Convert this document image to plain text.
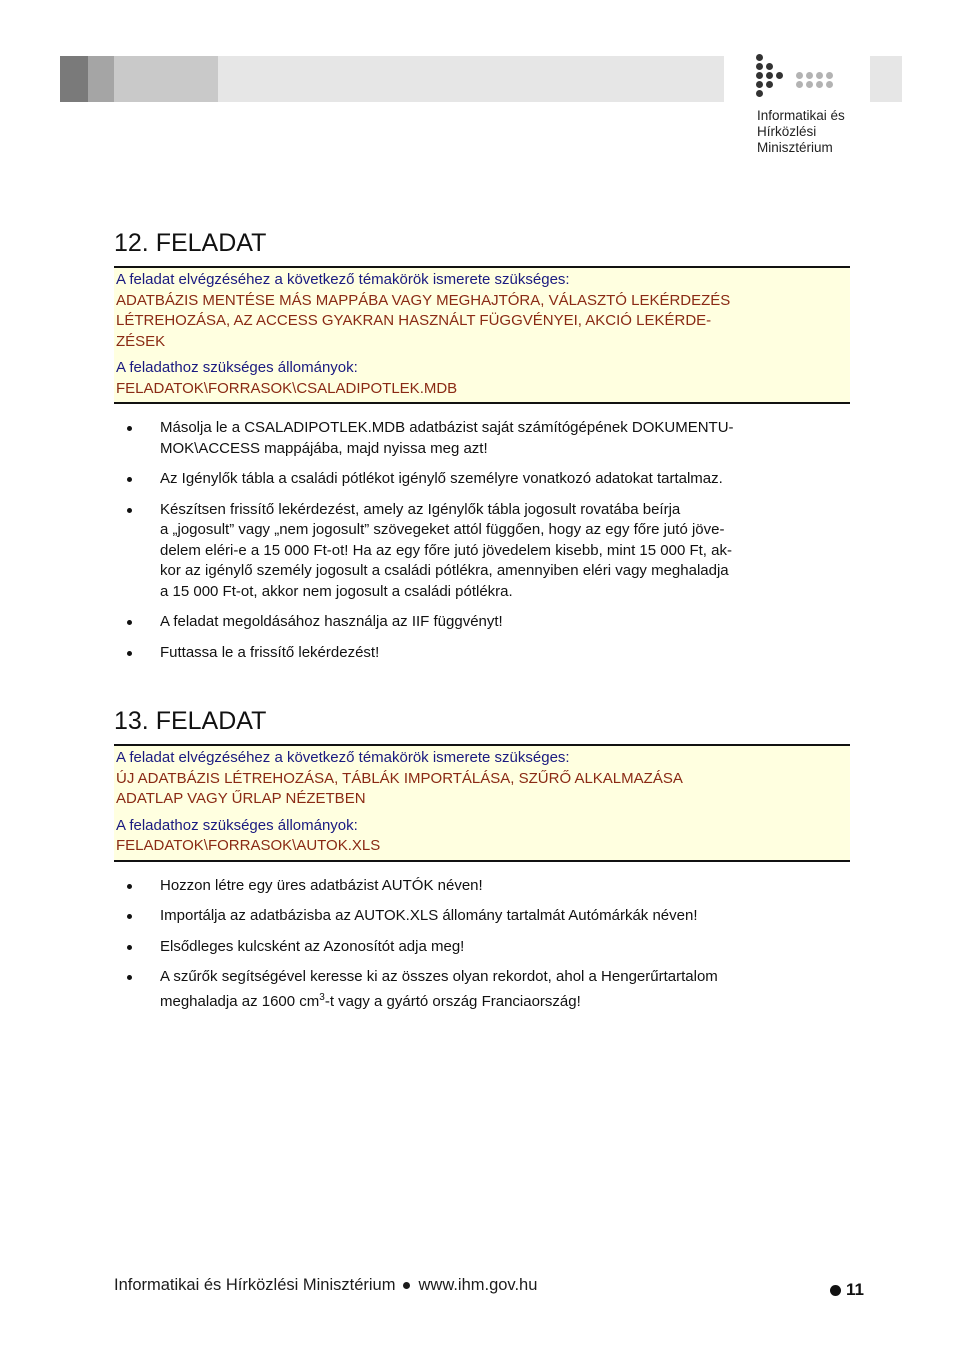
Informatikai és
Hírközlési
Minisztérium
12. FELADAT
A feladat elvégzéséhez a következő témakörök ismerete szükséges:
ADATBÁZIS MENTÉSE MÁS MAPPÁBA VAGY MEGHAJTÓRA, VÁLASZTÓ LEKÉRDEZÉS
LÉTREHOZÁSA, AZ ACCESS GYAKRAN HASZNÁLT FÜGGVÉNYEI, AKCIÓ LEKÉRDE-
ZÉSEK
A feladathoz szükséges állományok:
FELADATOK\FORRASOK\CSALADIPOTLEK.MDB
Másolja le a CSALADIPOTLEK.MDB adatbázist saját számítógépének DOKUMENTU-
MOK\ACCESS mappájába, majd nyissa meg azt!
Az Igénylők tábla a családi pótlékot igénylő személyre vonatkozó adatokat tartalmaz.
Készítsen frissítő lekérdezést, amely az Igénylők tábla jogosult rovatába beírja
a „jogosult” vagy „nem jogosult” szövegeket attól függően, hogy az egy főre jutó jöve-
delem eléri-e a 15 000 Ft-ot! Ha az egy főre jutó jövedelem kisebb, mint 15 000 Ft, ak-
kor az igénylő személy jogosult a családi pótlékra, amennyiben eléri vagy meghaladja
a 15 000 Ft-ot, akkor nem jogosult a családi pótlékra.
A feladat megoldásához használja az IIF függvényt!
Futtassa le a frissítő lekérdezést!
13. FELADAT
A feladat elvégzéséhez a következő témakörök ismerete szükséges:
ÚJ ADATBÁZIS LÉTREHOZÁSA, TÁBLÁK IMPORTÁLÁSA, SZŰRŐ ALKALMAZÁSA
ADATLAP VAGY ŰRLAP NÉZETBEN
A feladathoz szükséges állományok:
FELADATOK\FORRASOK\AUTOK.XLS
Hozzon létre egy üres adatbázist AUTÓK néven!
Importálja az adatbázisba az AUTOK.XLS állomány tartalmát Autómárkák néven!
Elsődleges kulcsként az Azonosítót adja meg!
A szűrők segítségével keresse ki az összes olyan rekordot, ahol a Hengerűrtartalom
meghaladja az 1600 $cm^3-t$ vagy a gyártó ország Franciaország!
Informatikai és Hírközlési Minisztérium www.ihm.gov.hu	11
